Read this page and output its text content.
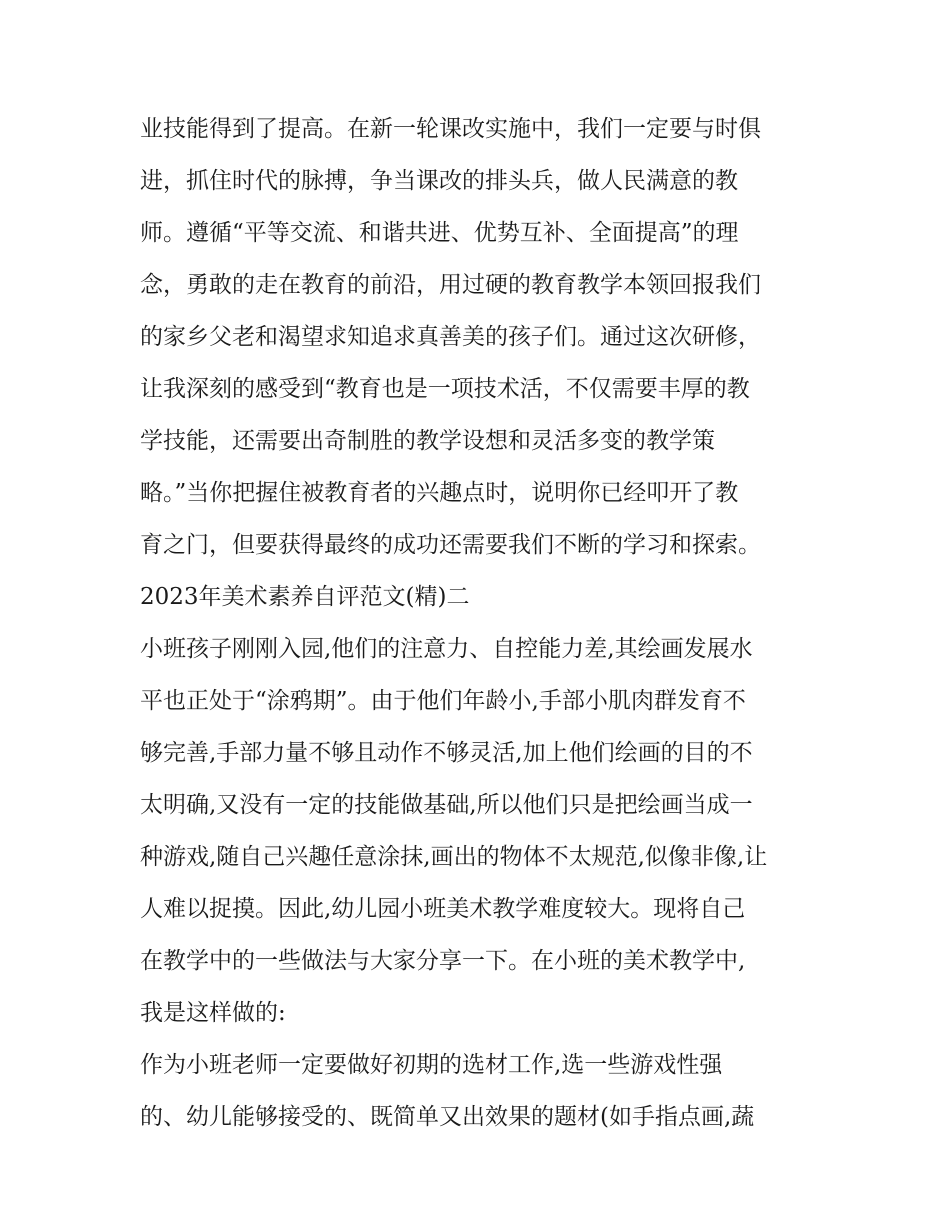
业技能得到了提高。在新一轮课改实施中，我们一定要与时俱
进，抓住时代的脉搏，争当课改的排头兵，做人民满意的教
师。遵循“平等交流、和谐共进、优势互补、全面提高”的理
念，勇敢的走在教育的前沿，用过硬的教育教学本领回报我们
的家乡父老和渴望求知追求真善美的孩子们。通过这次研修，
让我深刻的感受到“教育也是一项技术活，不仅需要丰厚的教
学技能，还需要出奇制胜的教学设想和灵活多变的教学策
略。”当你把握住被教育者的兴趣点时，说明你已经叩开了教
育之门，但要获得最终的成功还需要我们不断的学习和探索。
2023年美术素养自评范文(精)二
小班孩子刚刚入园,他们的注意力、自控能力差,其绘画发展水
平也正处于“涂鸦期”。由于他们年龄小,手部小肌肉群发育不
够完善,手部力量不够且动作不够灵活,加上他们绘画的目的不
太明确,又没有一定的技能做基础,所以他们只是把绘画当成一
种游戏,随自己兴趣任意涂抹,画出的物体不太规范,似像非像,让
人难以捉摸。因此,幼儿园小班美术教学难度较大。现将自己
在教学中的一些做法与大家分享一下。在小班的美术教学中,
我是这样做的:
作为小班老师一定要做好初期的选材工作,选一些游戏性强
的、幼儿能够接受的、既简单又出效果的题材(如手指点画,蔬
